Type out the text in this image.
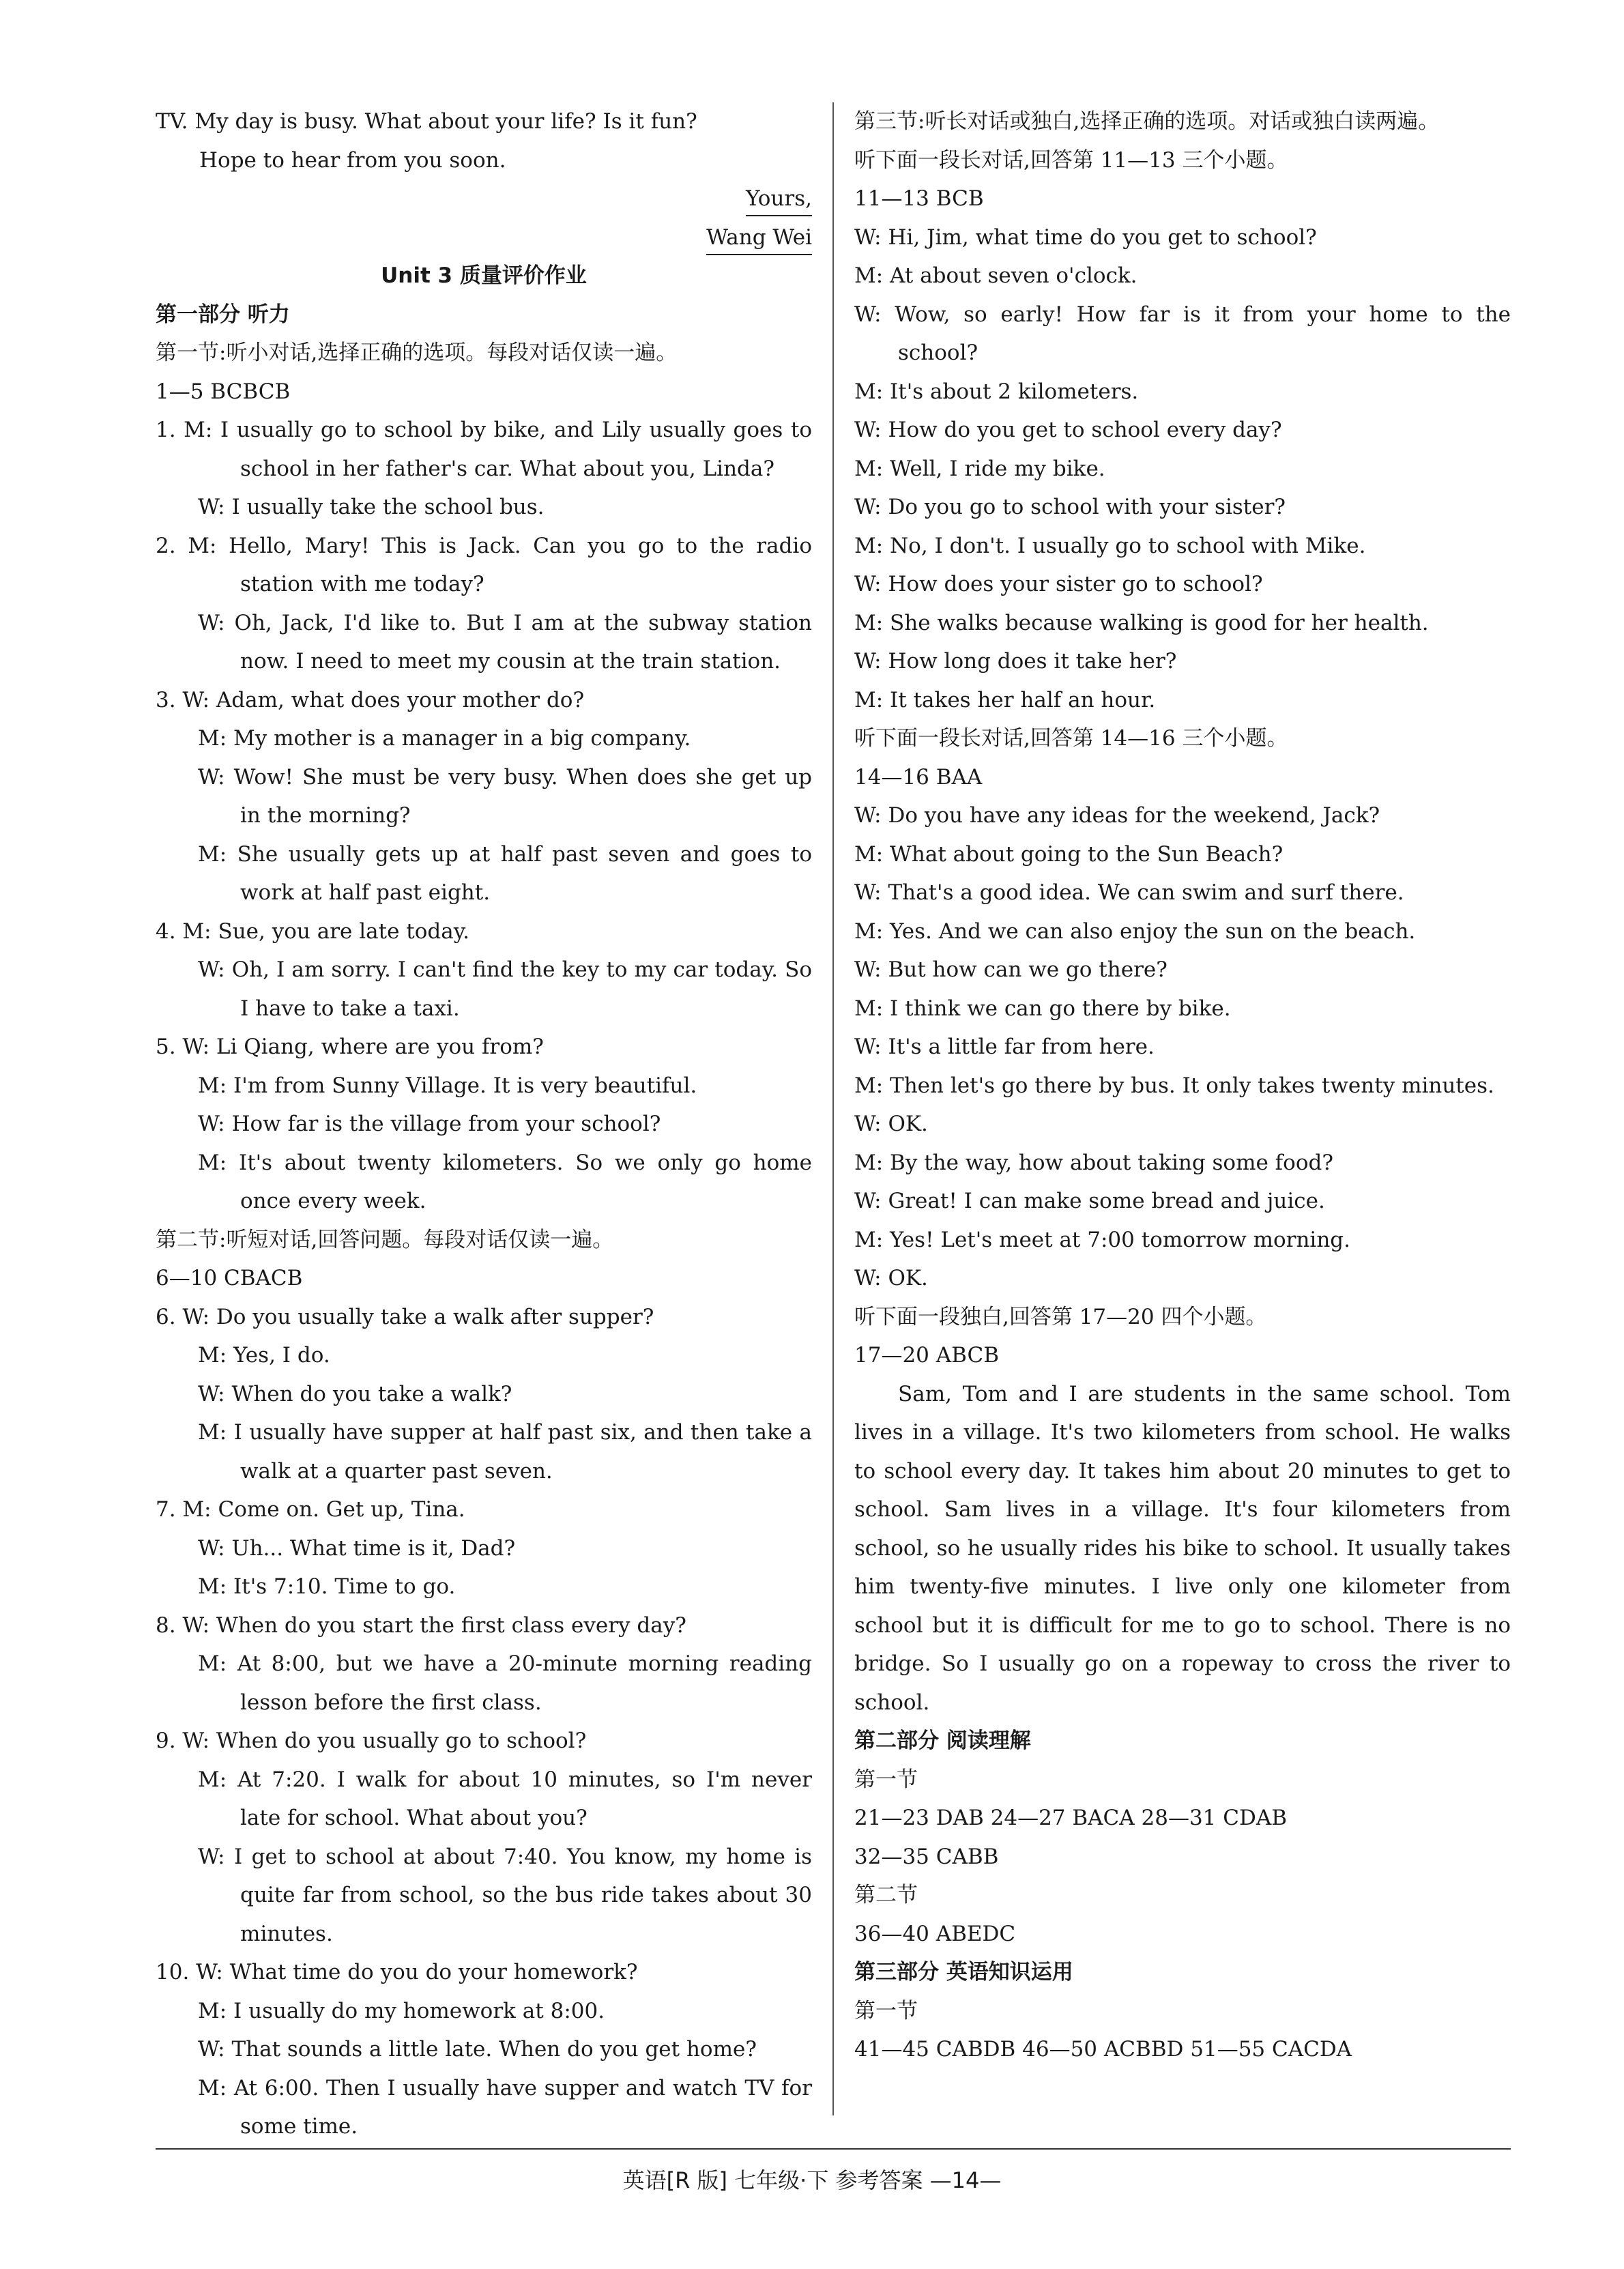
TV. My day is busy. What about your life? Is it fun?
Hope to hear from you soon.
Yours,
Wang Wei
Unit 3 质量评价作业
第一部分 听力
第一节:听小对话,选择正确的选项。每段对话仅读一遍。
1—5 BCBCB
1. M: I usually go to school by bike, and Lily usually goes to school in her father's car. What about you, Linda?
W: I usually take the school bus.
2. M: Hello, Mary! This is Jack. Can you go to the radio station with me today?
W: Oh, Jack, I'd like to. But I am at the subway station now. I need to meet my cousin at the train station.
3. W: Adam, what does your mother do?
M: My mother is a manager in a big company.
W: Wow! She must be very busy. When does she get up in the morning?
M: She usually gets up at half past seven and goes to work at half past eight.
4. M: Sue, you are late today.
W: Oh, I am sorry. I can't find the key to my car today. So I have to take a taxi.
5. W: Li Qiang, where are you from?
M: I'm from Sunny Village. It is very beautiful.
W: How far is the village from your school?
M: It's about twenty kilometers. So we only go home once every week.
第二节:听短对话,回答问题。每段对话仅读一遍。
6—10 CBACB
6. W: Do you usually take a walk after supper?
M: Yes, I do.
W: When do you take a walk?
M: I usually have supper at half past six, and then take a walk at a quarter past seven.
7. M: Come on. Get up, Tina.
W: Uh... What time is it, Dad?
M: It's 7:10. Time to go.
8. W: When do you start the first class every day?
M: At 8:00, but we have a 20-minute morning reading lesson before the first class.
9. W: When do you usually go to school?
M: At 7:20. I walk for about 10 minutes, so I'm never late for school. What about you?
W: I get to school at about 7:40. You know, my home is quite far from school, so the bus ride takes about 30 minutes.
10. W: What time do you do your homework?
M: I usually do my homework at 8:00.
W: That sounds a little late. When do you get home?
M: At 6:00. Then I usually have supper and watch TV for some time.
第三节:听长对话或独白,选择正确的选项。对话或独白读两遍。
听下面一段长对话,回答第 11—13 三个小题。
11—13 BCB
W: Hi, Jim, what time do you get to school?
M: At about seven o'clock.
W: Wow, so early! How far is it from your home to the school?
M: It's about 2 kilometers.
W: How do you get to school every day?
M: Well, I ride my bike.
W: Do you go to school with your sister?
M: No, I don't. I usually go to school with Mike.
W: How does your sister go to school?
M: She walks because walking is good for her health.
W: How long does it take her?
M: It takes her half an hour.
听下面一段长对话,回答第 14—16 三个小题。
14—16 BAA
W: Do you have any ideas for the weekend, Jack?
M: What about going to the Sun Beach?
W: That's a good idea. We can swim and surf there.
M: Yes. And we can also enjoy the sun on the beach.
W: But how can we go there?
M: I think we can go there by bike.
W: It's a little far from here.
M: Then let's go there by bus. It only takes twenty minutes.
W: OK.
M: By the way, how about taking some food?
W: Great! I can make some bread and juice.
M: Yes! Let's meet at 7:00 tomorrow morning.
W: OK.
听下面一段独白,回答第 17—20 四个小题。
17—20 ABCB
Sam, Tom and I are students in the same school. Tom lives in a village. It's two kilometers from school. He walks to school every day. It takes him about 20 minutes to get to school. Sam lives in a village. It's four kilometers from school, so he usually rides his bike to school. It usually takes him twenty-five minutes. I live only one kilometer from school but it is difficult for me to go to school. There is no bridge. So I usually go on a ropeway to cross the river to school.
第二部分 阅读理解
第一节
21—23 DAB 24—27 BACA 28—31 CDAB
32—35 CABB
第二节
36—40 ABEDC
第三部分 英语知识运用
第一节
41—45 CABDB 46—50 ACBBD 51—55 CACDA
英语[R 版] 七年级·下 参考答案 —14—
